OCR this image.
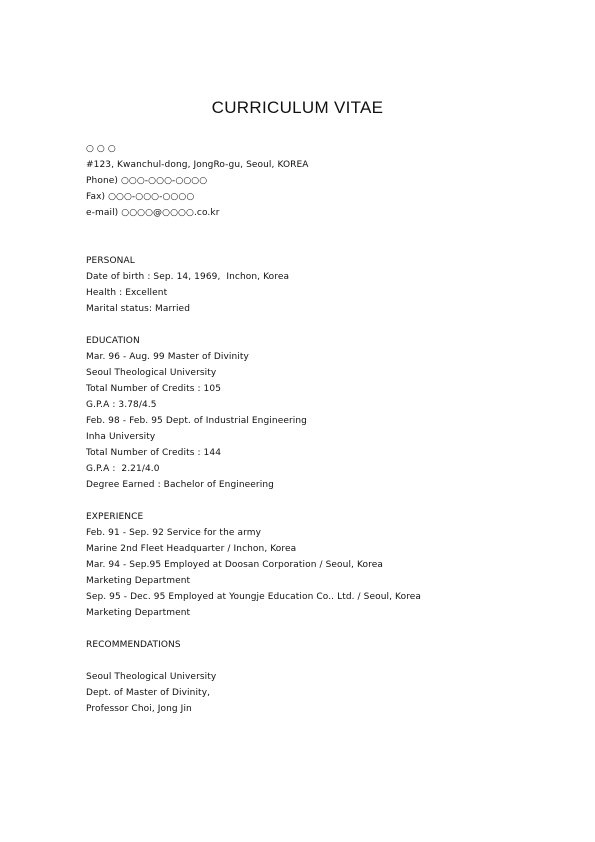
CURRICULUM VITAE
○ ○ ○
#123, Kwanchul-dong, JongRo-gu, Seoul, KOREA
Phone) ○○○-○○○-○○○○
Fax) ○○○-○○○-○○○○
e-mail) ○○○○@○○○○.co.kr
PERSONAL
Date of birth : Sep. 14, 1969,  Inchon, Korea
Health : Excellent
Marital status: Married
EDUCATION
Mar. 96 - Aug. 99 Master of Divinity
Seoul Theological University
Total Number of Credits : 105
G.P.A : 3.78/4.5
Feb. 98 - Feb. 95 Dept. of Industrial Engineering
Inha University
Total Number of Credits : 144
G.P.A :  2.21/4.0
Degree Earned : Bachelor of Engineering
EXPERIENCE
Feb. 91 - Sep. 92 Service for the army
Marine 2nd Fleet Headquarter / Inchon, Korea
Mar. 94 - Sep.95 Employed at Doosan Corporation / Seoul, Korea
Marketing Department
Sep. 95 - Dec. 95 Employed at Youngje Education Co.. Ltd. / Seoul, Korea
Marketing Department
RECOMMENDATIONS
Seoul Theological University
Dept. of Master of Divinity,
Professor Choi, Jong Jin
